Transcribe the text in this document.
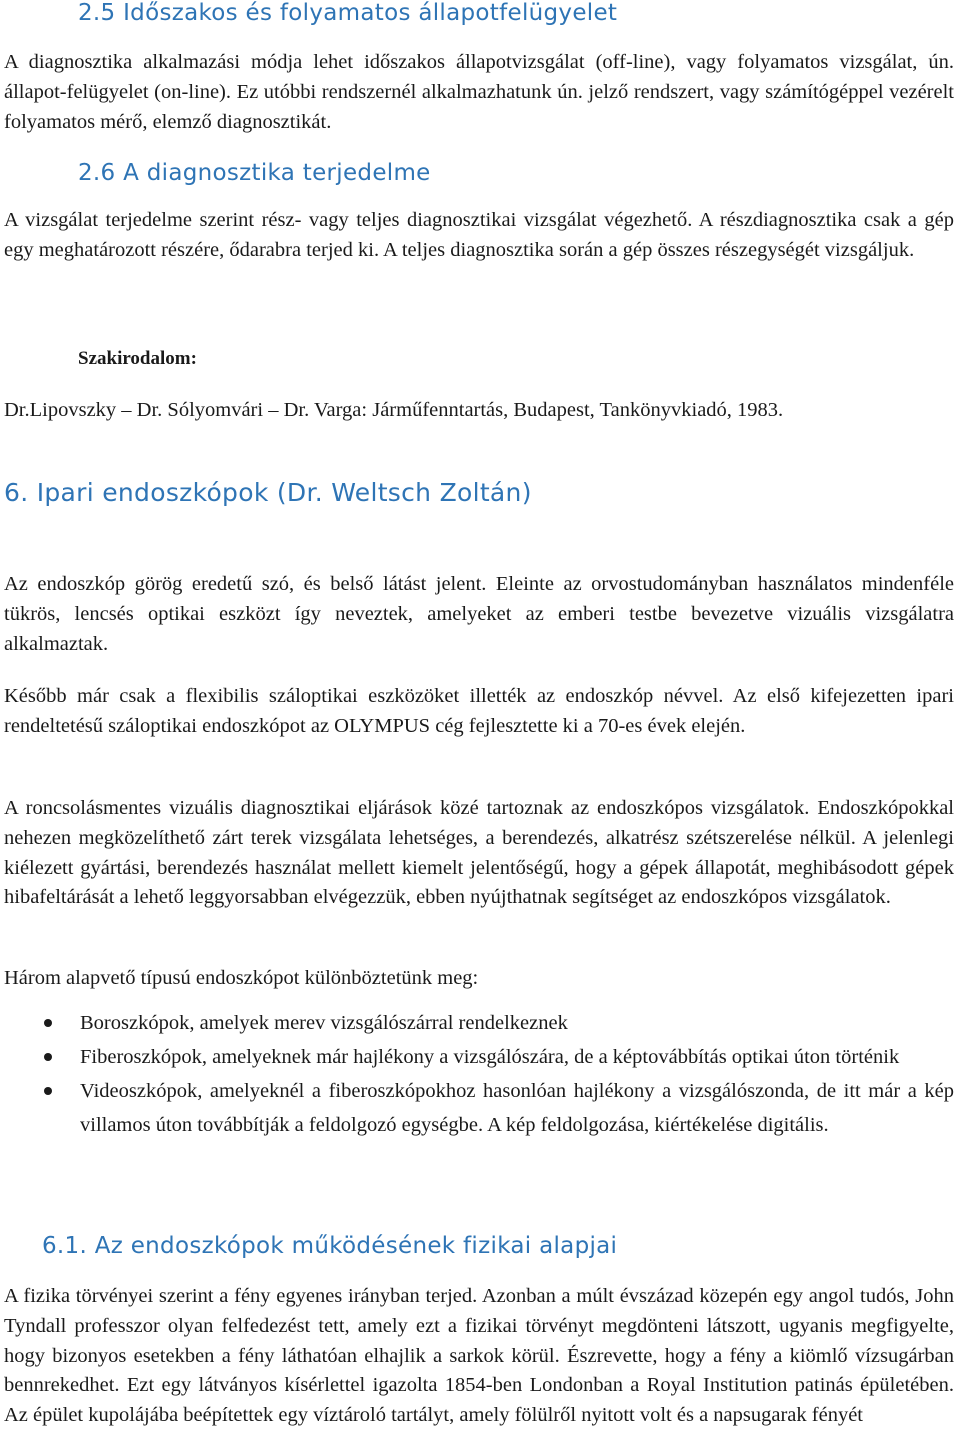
2.5 Időszakos és folyamatos állapotfelügyelet

A diagnosztika alkalmazási módja lehet időszakos állapotvizsgálat (off-line), vagy folyamatos vizsgálat, ún. állapot-felügyelet (on-line). Ez utóbbi rendszernél alkalmazhatunk ún. jelző rendszert, vagy számítógéppel vezérelt folyamatos mérő, elemző diagnosztikát.

2.6 A diagnosztika terjedelme

A vizsgálat terjedelme szerint rész- vagy teljes diagnosztikai vizsgálat végezhető. A részdiagnosztika csak a gép egy meghatározott részére, ődarabra terjed ki. A teljes diagnosztika során a gép összes részegységét vizsgáljuk.

Szakirodalom:

Dr.Lipovszky – Dr. Sólyomvári – Dr. Varga: Járműfenntartás, Budapest, Tankönyvkiadó, 1983.

6. Ipari endoszkópok (Dr. Weltsch Zoltán)

Az endoszkóp görög eredetű szó, és belső látást jelent. Eleinte az orvostudományban használatos mindenféle tükrös, lencsés optikai eszközt így neveztek, amelyeket az emberi testbe bevezetve vizuális vizsgálatra alkalmaztak.

Később már csak a flexibilis száloptikai eszközöket illették az endoszkóp névvel. Az első kifejezetten ipari rendeltetésű száloptikai endoszkópot az OLYMPUS cég fejlesztette ki a 70-es évek elején.

A roncsolásmentes vizuális diagnosztikai eljárások közé tartoznak az endoszkópos vizsgálatok. Endoszkópokkal nehezen megközelíthető zárt terek vizsgálata lehetséges, a berendezés, alkatrész szétszerelése nélkül. A jelenlegi kiélezett gyártási, berendezés használat mellett kiemelt jelentőségű, hogy a gépek állapotát, meghibásodott gépek hibafeltárását a lehető leggyorsabban elvégezzük, ebben nyújthatnak segítséget az endoszkópos vizsgálatok.

Három alapvető típusú endoszkópot különböztetünk meg:

Boroszkópok, amelyek merev vizsgálószárral rendelkeznek
Fiberoszkópok, amelyeknek már hajlékony a vizsgálószára, de a képtovábbítás optikai úton történik
Videoszkópok, amelyeknél a fiberoszkópokhoz hasonlóan hajlékony a vizsgálószonda, de itt már a kép villamos úton továbbítják a feldolgozó egységbe. A kép feldolgozása, kiértékelése digitális.
6.1. Az endoszkópok működésének fizikai alapjai

A fizika törvényei szerint a fény egyenes irányban terjed. Azonban a múlt évszázad közepén egy angol tudós, John Tyndall professzor olyan felfedezést tett, amely ezt a fizikai törvényt megdönteni látszott, ugyanis megfigyelte, hogy bizonyos esetekben a fény láthatóan elhajlik a sarkok körül. Észrevette, hogy a fény a kiömlő vízsugárban bennrekedhet. Ezt egy látványos kísérlettel igazolta 1854-ben Londonban a Royal Institution patinás épületében. Az épület kupolájába beépítettek egy víztároló tartályt, amely fölülről nyitott volt és a napsugarak fényét
